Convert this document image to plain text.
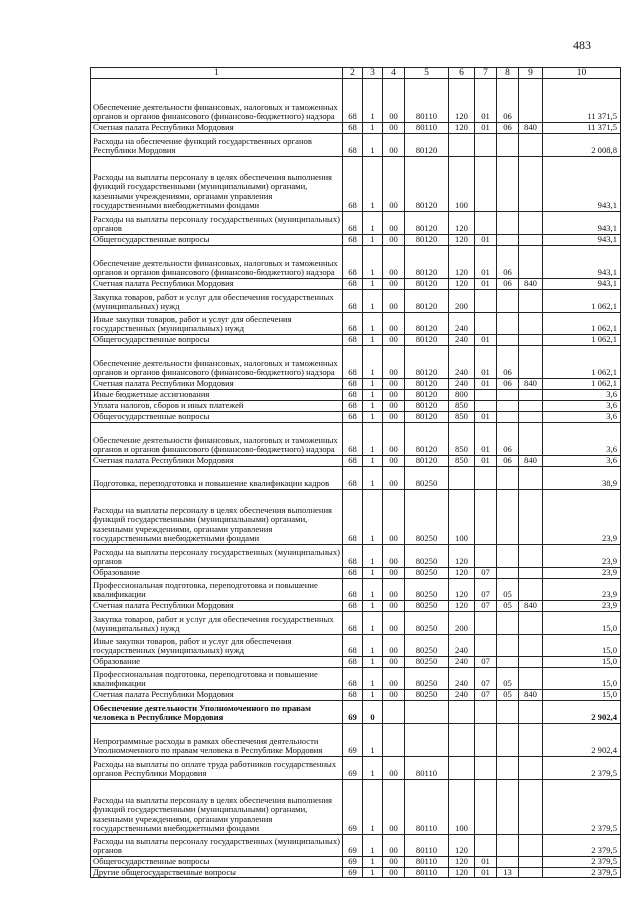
483
1	2	3	4	5	6	7	8	9	10
Обеспечение деятельности финансовых, налоговых и таможенных органов и органов финансового (финансово-бюджетного) надзора	68	1	00	80110	120	01	06		11 371,5
Счетная палата Республики Мордовия	68	1	00	80110	120	01	06	840	11 371,5
Расходы на обеспечение функций государственных органов Республики Мордовия	68	1	00	80120					2 008,8
Расходы на выплаты персоналу в целях обеспечения выполнения функций государственными (муниципальными) органами, казенными учреждениями, органами управления государственными внебюджетными фондами	68	1	00	80120	100				943,1
Расходы на выплаты персоналу государственных (муниципальных) органов	68	1	00	80120	120				943,1
Общегосударственные вопросы	68	1	00	80120	120	01			943,1
Обеспечение деятельности финансовых, налоговых и таможенных органов и органов финансового (финансово-бюджетного) надзора	68	1	00	80120	120	01	06		943,1
Счетная палата Республики Мордовия	68	1	00	80120	120	01	06	840	943,1
Закупка товаров, работ и услуг для обеспечения государственных (муниципальных) нужд	68	1	00	80120	200				1 062,1
Иные закупки товаров, работ и услуг для обеспечения государственных (муниципальных) нужд	68	1	00	80120	240				1 062,1
Общегосударственные вопросы	68	1	00	80120	240	01			1 062,1
Обеспечение деятельности финансовых, налоговых и таможенных органов и органов финансового (финансово-бюджетного) надзора	68	1	00	80120	240	01	06		1 062,1
Счетная палата Республики Мордовия	68	1	00	80120	240	01	06	840	1 062,1
Иные бюджетные ассигнования	68	1	00	80120	800				3,6
Уплата налогов, сборов и иных платежей	68	1	00	80120	850				3,6
Общегосударственные вопросы	68	1	00	80120	850	01			3,6
Обеспечение деятельности финансовых, налоговых и таможенных органов и органов финансового (финансово-бюджетного) надзора	68	1	00	80120	850	01	06		3,6
Счетная палата Республики Мордовия	68	1	00	80120	850	01	06	840	3,6
Подготовка, переподготовка и повышение квалификации кадров	68	1	00	80250					38,9
Расходы на выплаты персоналу в целях обеспечения выполнения функций государственными (муниципальными) органами, казенными учреждениями, органами управления государственными внебюджетными фондами	68	1	00	80250	100				23,9
Расходы на выплаты персоналу государственных (муниципальных) органов	68	1	00	80250	120				23,9
Образование	68	1	00	80250	120	07			23,9
Профессиональная подготовка, переподготовка и повышение квалификации	68	1	00	80250	120	07	05		23,9
Счетная палата Республики Мордовия	68	1	00	80250	120	07	05	840	23,9
Закупка товаров, работ и услуг для обеспечения государственных (муниципальных) нужд	68	1	00	80250	200				15,0
Иные закупки товаров, работ и услуг для обеспечения государственных (муниципальных) нужд	68	1	00	80250	240				15,0
Образование	68	1	00	80250	240	07			15,0
Профессиональная подготовка, переподготовка и повышение квалификации	68	1	00	80250	240	07	05		15,0
Счетная палата Республики Мордовия	68	1	00	80250	240	07	05	840	15,0
Обеспечение деятельности Уполномоченного по правам человека в Республике Мордовия	69	0							2 902,4
Непрограммные расходы в рамках обеспечения деятельности Уполномоченного по правам человека в Республике Мордовия	69	1							2 902,4
Расходы на выплаты по оплате труда работников государственных органов Республики Мордовия	69	1	00	80110					2 379,5
Расходы на выплаты персоналу в целях обеспечения выполнения функций государственными (муниципальными) органами, казенными учреждениями, органами управления государственными внебюджетными фондами	69	1	00	80110	100				2 379,5
Расходы на выплаты персоналу государственных (муниципальных) органов	69	1	00	80110	120				2 379,5
Общегосударственные вопросы	69	1	00	80110	120	01			2 379,5
Другие общегосударственные вопросы	69	1	00	80110	120	01	13		2 379,5
